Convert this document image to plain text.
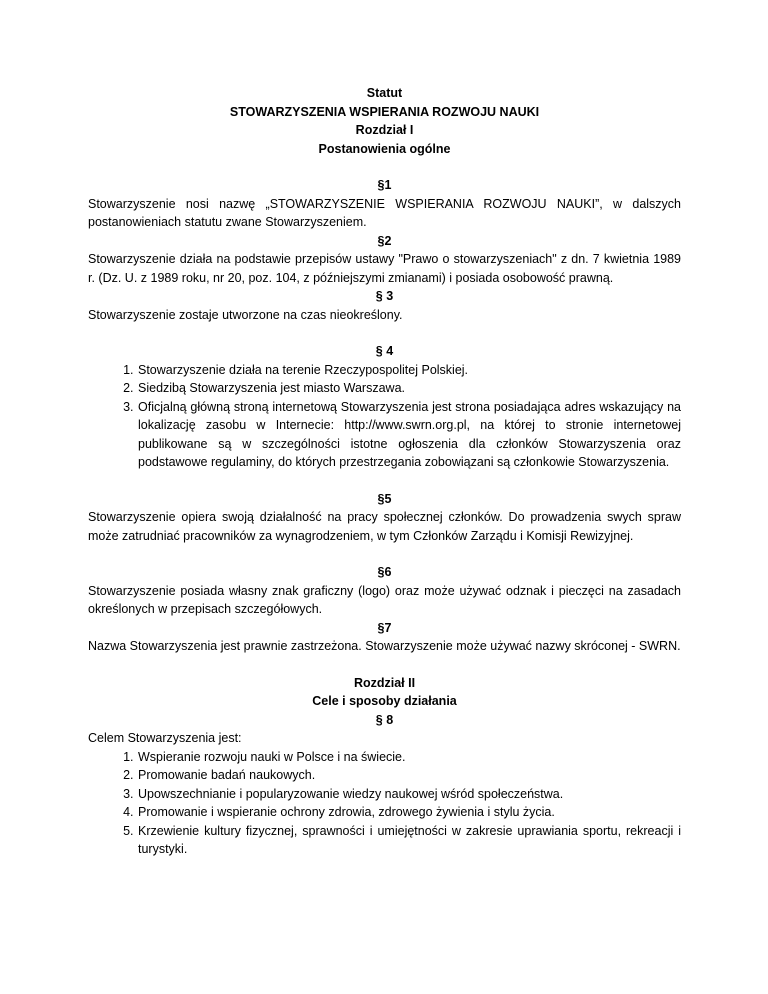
Statut
STOWARZYSZENIA WSPIERANIA ROZWOJU NAUKI
Rozdział I
Postanowienia ogólne
§1

Stowarzyszenie nosi nazwę „STOWARZYSZENIE WSPIERANIA ROZWOJU NAUKI”, w dalszych postanowieniach statutu zwane Stowarzyszeniem.

§2

Stowarzyszenie działa na podstawie przepisów ustawy "Prawo o stowarzyszeniach" z dn. 7 kwietnia 1989 r. (Dz. U. z 1989 roku, nr 20, poz. 104, z późniejszymi zmianami) i posiada osobowość prawną.

§ 3

Stowarzyszenie zostaje utworzone na czas nieokreślony.

§ 4
1. Stowarzyszenie działa na terenie Rzeczypospolitej Polskiej.
2. Siedzibą Stowarzyszenia jest miasto Warszawa.
3. Oficjalną główną stroną internetową Stowarzyszenia jest strona posiadająca adres wskazujący na lokalizację zasobu w Internecie: http://www.swrn.org.pl, na której to stronie internetowej publikowane są w szczególności istotne ogłoszenia dla członków Stowarzyszenia oraz podstawowe regulaminy, do których przestrzegania zobowiązani są członkowie Stowarzyszenia.
§5

Stowarzyszenie opiera swoją działalność na pracy społecznej członków. Do prowadzenia swych spraw może zatrudniać pracowników za wynagrodzeniem, w tym Członków Zarządu i Komisji Rewizyjnej.

§6

Stowarzyszenie posiada własny znak graficzny (logo) oraz może używać odznak i pieczęci na zasadach określonych w przepisach szczegółowych.

§7

Nazwa Stowarzyszenia jest prawnie zastrzeżona. Stowarzyszenie może używać nazwy skróconej - SWRN.

Rozdział II
Cele i sposoby działania
§ 8

Celem Stowarzyszenia jest:

1. Wspieranie rozwoju nauki w Polsce i na świecie.
2. Promowanie badań naukowych.
3. Upowszechnianie i popularyzowanie wiedzy naukowej wśród społeczeństwa.
4. Promowanie i wspieranie ochrony zdrowia, zdrowego żywienia i stylu życia.
5. Krzewienie kultury fizycznej, sprawności i umiejętności w zakresie uprawiania sportu, rekreacji i turystyki.
